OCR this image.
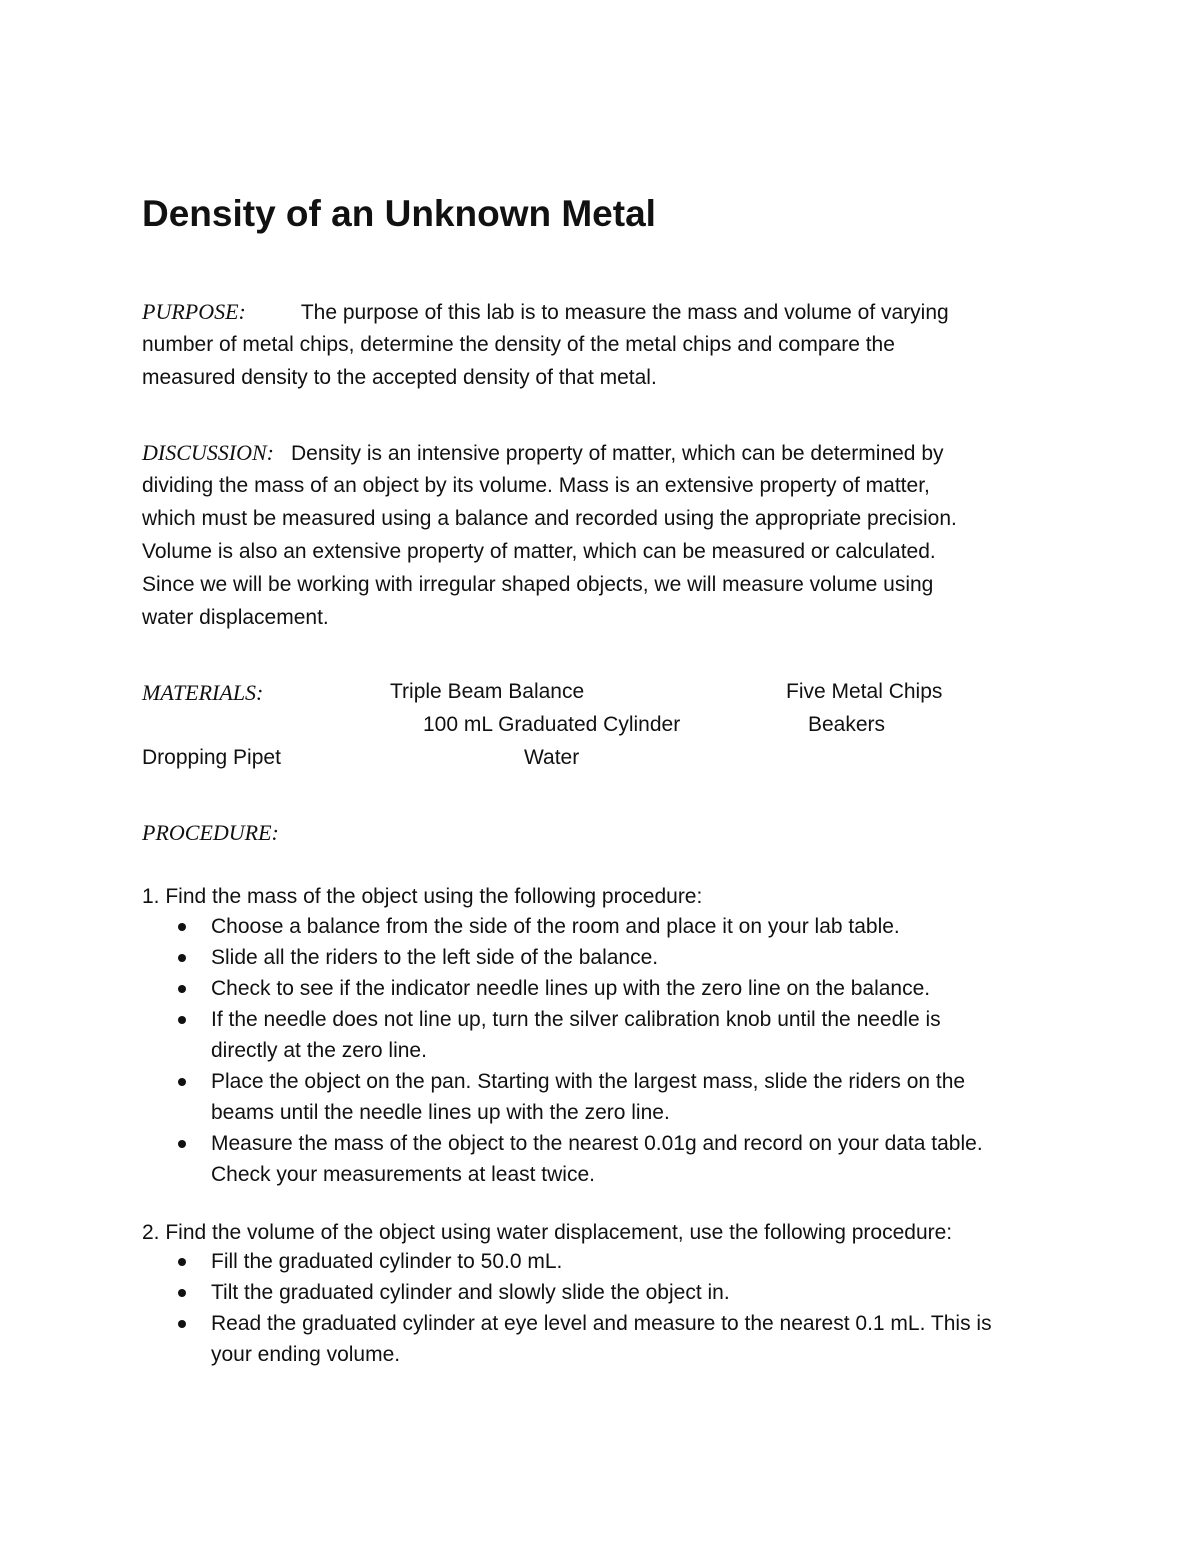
Density of an Unknown Metal
PURPOSE:	The purpose of this lab is to measure the mass and volume of varying
number of metal chips, determine the density of the metal chips and compare the
measured density to the accepted density of that metal.
DISCUSSION: Density is an intensive property of matter, which can be determined by
dividing the mass of an object by its volume. Mass is an extensive property of matter,
which must be measured using a balance and recorded using the appropriate precision.
Volume is also an extensive property of matter, which can be measured or calculated.
Since we will be working with irregular shaped objects, we will measure volume using
water displacement.
MATERIALS:	Triple Beam Balance	Five Metal Chips
100 mL Graduated Cylinder	Beakers
Dropping Pipet	Water
PROCEDURE:
1. Find the mass of the object using the following procedure:
Choose a balance from the side of the room and place it on your lab table.
Slide all the riders to the left side of the balance.
Check to see if the indicator needle lines up with the zero line on the balance.
If the needle does not line up, turn the silver calibration knob until the needle is
directly at the zero line.
Place the object on the pan. Starting with the largest mass, slide the riders on the
beams until the needle lines up with the zero line.
Measure the mass of the object to the nearest 0.01g and record on your data table.
Check your measurements at least twice.
2. Find the volume of the object using water displacement, use the following procedure:
Fill the graduated cylinder to 50.0 mL.
Tilt the graduated cylinder and slowly slide the object in.
Read the graduated cylinder at eye level and measure to the nearest 0.1 mL. This is
your ending volume.
